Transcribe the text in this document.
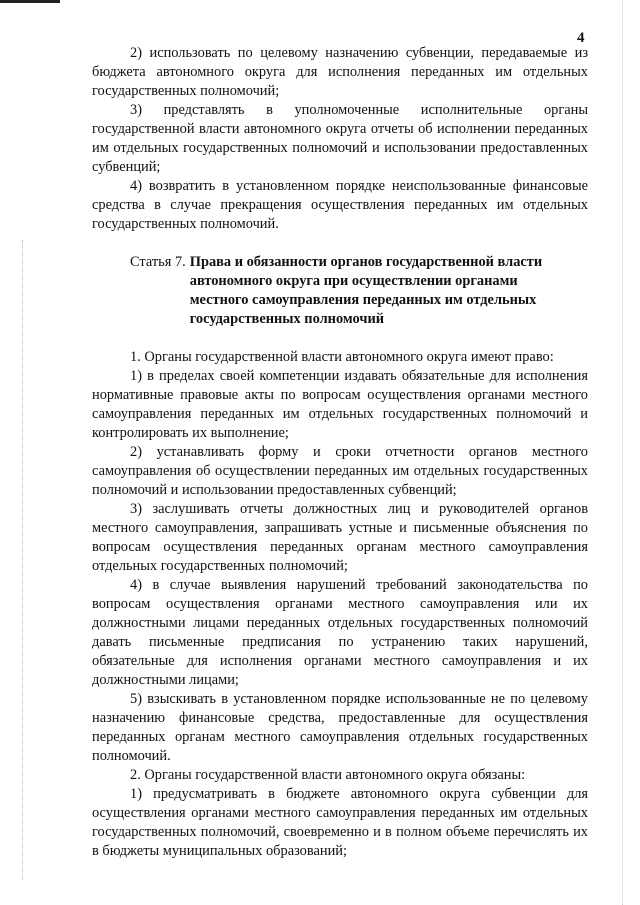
4

2) использовать по целевому назначению субвенции, передаваемые из бюджета автономного округа для исполнения переданных им отдельных государственных полномочий;

3) представлять в уполномоченные исполнительные органы государственной власти автономного округа отчеты об исполнении переданных им отдельных государственных полномочий и использовании предоставленных субвенций;

4) возвратить в установленном порядке неиспользованные финансовые средства в случае прекращения осуществления переданных им отдельных государственных полномочий.

Статья 7. Права и обязанности органов государственной власти автономного округа при осуществлении органами местного самоуправления переданных им отдельных государственных полномочий

1. Органы государственной власти автономного округа имеют право:

1) в пределах своей компетенции издавать обязательные для исполнения нормативные правовые акты по вопросам осуществления органами местного самоуправления переданных им отдельных государственных полномочий и контролировать их выполнение;

2) устанавливать форму и сроки отчетности органов местного самоуправления об осуществлении переданных им отдельных государственных полномочий и использовании предоставленных субвенций;

3) заслушивать отчеты должностных лиц и руководителей органов местного самоуправления, запрашивать устные и письменные объяснения по вопросам осуществления переданных органам местного самоуправления отдельных государственных полномочий;

4) в случае выявления нарушений требований законодательства по вопросам осуществления органами местного самоуправления или их должностными лицами переданных отдельных государственных полномочий давать письменные предписания по устранению таких нарушений, обязательные для исполнения органами местного самоуправления и их должностными лицами;

5) взыскивать в установленном порядке использованные не по целевому назначению финансовые средства, предоставленные для осуществления переданных органам местного самоуправления отдельных государственных полномочий.

2. Органы государственной власти автономного округа обязаны:

1) предусматривать в бюджете автономного округа субвенции для осуществления органами местного самоуправления переданных им отдельных государственных полномочий, своевременно и в полном объеме перечислять их в бюджеты муниципальных образований;
